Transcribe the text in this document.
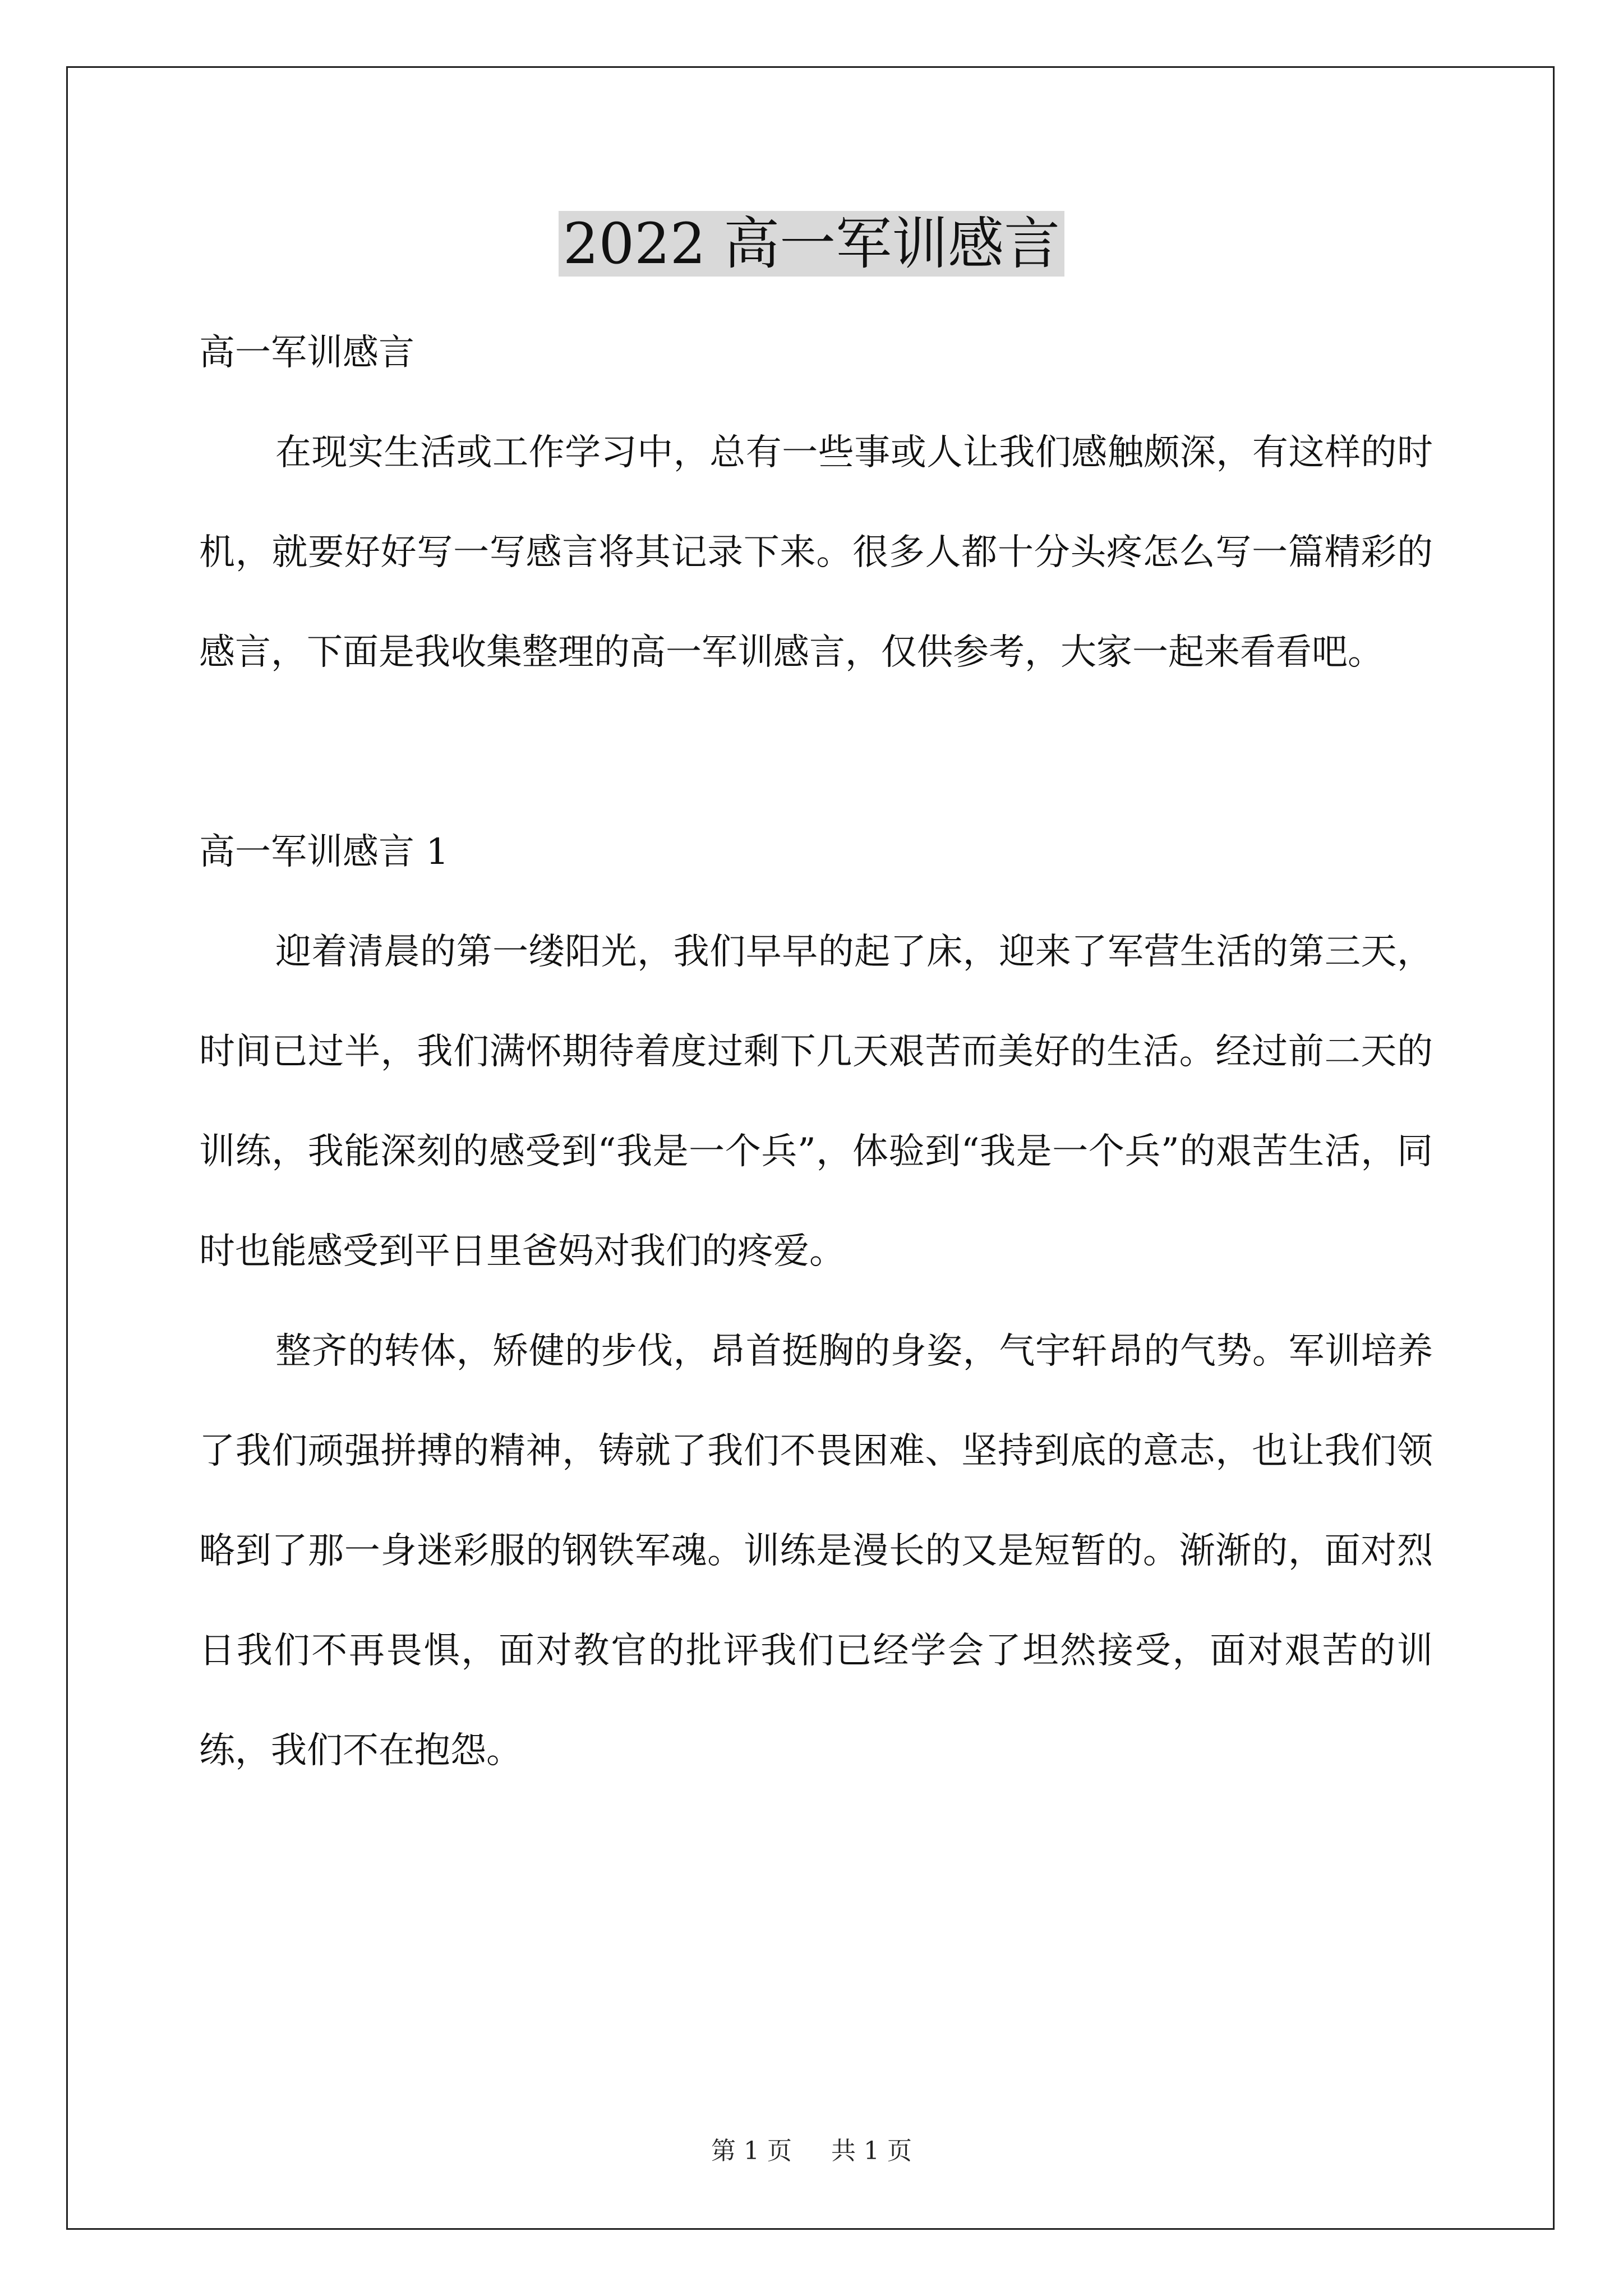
2022 高一军训感言

高一军训感言

在现实生活或工作学习中，总有一些事或人让我们感触颇深，有这样的时机，就要好好写一写感言将其记录下来。很多人都十分头疼怎么写一篇精彩的感言，下面是我收集整理的高一军训感言，仅供参考，大家一起来看看吧。

高一军训感言 1

迎着清晨的第一缕阳光，我们早早的起了床，迎来了军营生活的第三天，时间已过半，我们满怀期待着度过剩下几天艰苦而美好的生活。经过前二天的训练，我能深刻的感受到“我是一个兵”，体验到“我是一个兵”的艰苦生活，同时也能感受到平日里爸妈对我们的疼爱。

整齐的转体，矫健的步伐，昂首挺胸的身姿，气宇轩昂的气势。军训培养了我们顽强拼搏的精神，铸就了我们不畏困难、坚持到底的意志，也让我们领略到了那一身迷彩服的钢铁军魂。训练是漫长的又是短暂的。渐渐的，面对烈日我们不再畏惧，面对教官的批评我们已经学会了坦然接受，面对艰苦的训练，我们不在抱怨。

第 1 页 共 1 页
